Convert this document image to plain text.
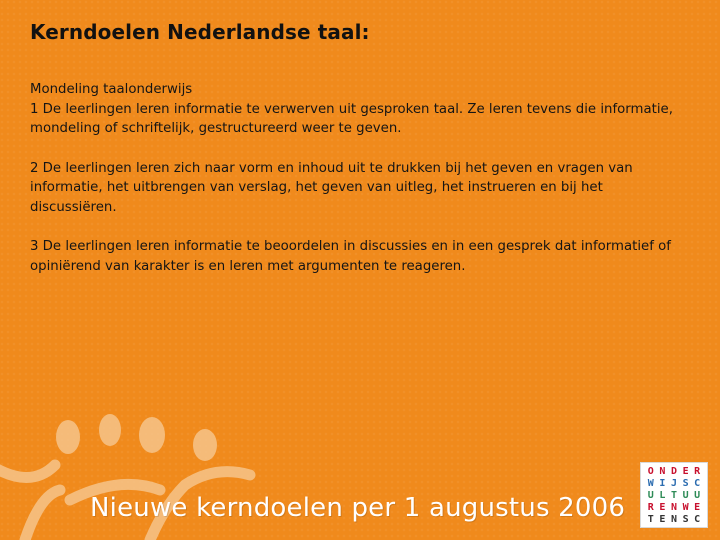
Kerndoelen Nederlandse taal:
Mondeling taalonderwijs

1 De leerlingen leren informatie te verwerven uit gesproken taal. Ze leren tevens die informatie, mondeling of schriftelijk, gestructureerd weer te geven.

2 De leerlingen leren zich naar vorm en inhoud uit te drukken bij het geven en vragen van informatie, het uitbrengen van verslag, het geven van uitleg, het instrueren en bij het discussiëren.

3 De leerlingen leren informatie te beoordelen in discussies en in een gesprek dat informatief of opiniërend van karakter is en leren met argumenten te reageren.

Nieuwe kerndoelen per 1 augustus 2006
O N D E R
W I J S C
U L T U U
R E N W E
T E N S C
